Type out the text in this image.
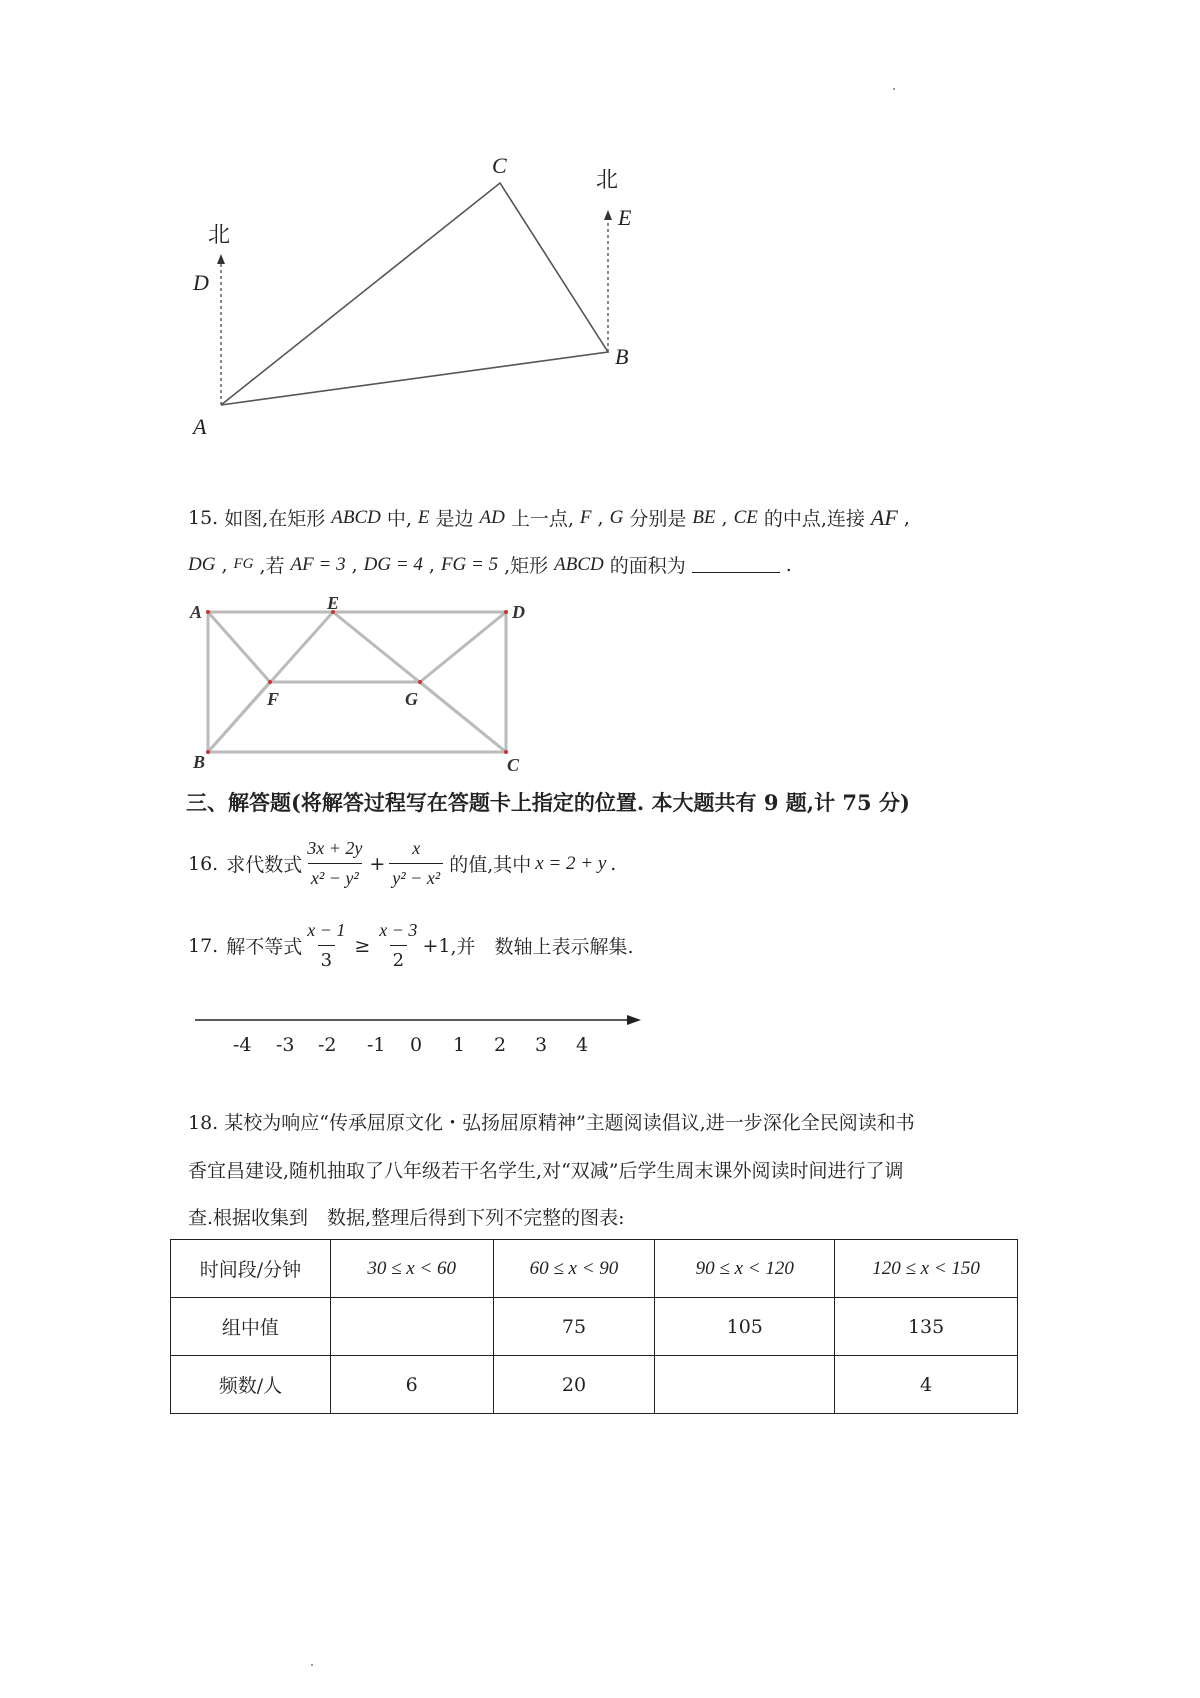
北
北
C
E
D
B
A
15. 如图,在矩形 ABCD 中, E 是边 AD 上一点, F , G 分别是 BE , CE 的中点,连接 AF ,
DG , FG ,若 AF = 3 , DG = 4 , FG = 5 ,矩形 ABCD 的面积为	.
A	E	D
F	G
B	C
三、解答题(将解答过程写在答题卡上指定的位置. 本大题共有 9 题,计 75 分)
16. 求代数式 $\frac{3x + 2y}{\text{x² − y²}} + \frac{x}{\text{y² − x²}}$ 的值,其中 x = 2 + y .
17. 解不等式 $\frac{x - 1}{3} \ge \frac{x - 3}{2} +1$ ,并　数轴上表示解集.
-4 -3 -2 -1 0 1 2 3 4
18. 某校为响应“传承屈原文化・弘扬屈原精神”主题阅读倡议,进一步深化全民阅读和书
香宜昌建设,随机抽取了八年级若干名学生,对“双减”后学生周末课外阅读时间进行了调
查.根据收集到　数据,整理后得到下列不完整的图表:
时间段/分钟	30 ≤ x < 60	60 ≤ x < 90	90 ≤ x < 120	120 ≤ x < 150
组中值		75	105	135
频数/人	6	20		4
